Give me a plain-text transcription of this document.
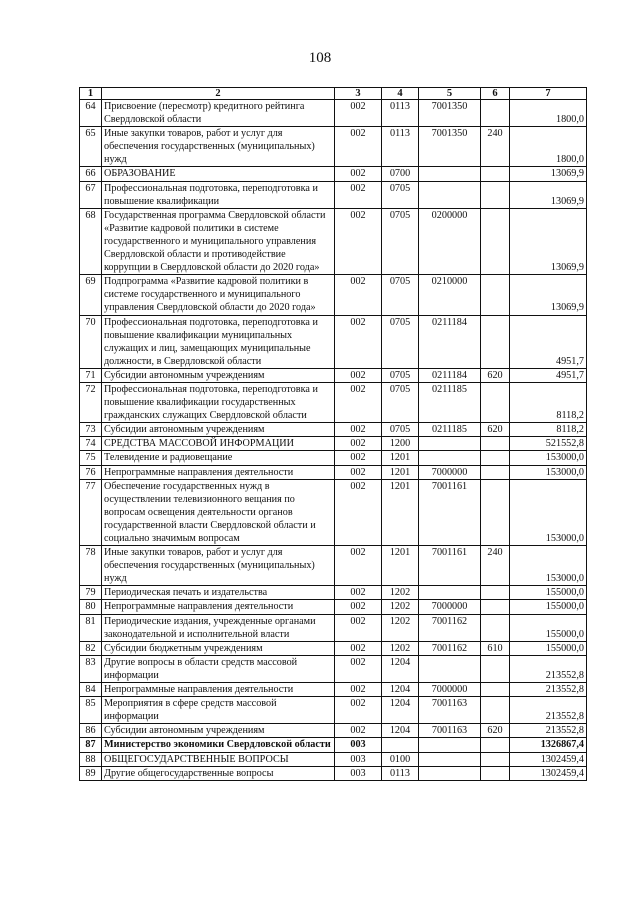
108
1	2	3	4	5	6	7
64	Присвоение (пересмотр) кредитного рейтинга Свердловской области	002	0113	7001350		1800,0
65	Иные закупки товаров, работ и услуг для обеспечения государственных (муниципальных) нужд	002	0113	7001350	240	1800,0
66	ОБРАЗОВАНИЕ	002	0700			13069,9
67	Профессиональная подготовка, переподготовка и повышение квалификации	002	0705			13069,9
68	Государственная программа Свердловской области «Развитие кадровой политики в системе государственного и муниципального управления Свердловской области и противодействие коррупции в Свердловской области до 2020 года»	002	0705	0200000		13069,9
69	Подпрограмма «Развитие кадровой политики в системе государственного и муниципального управления Свердловской области до 2020 года»	002	0705	0210000		13069,9
70	Профессиональная подготовка, переподготовка и повышение квалификации муниципальных служащих и лиц, замещающих муниципальные должности, в Свердловской области	002	0705	0211184		4951,7
71	Субсидии автономным учреждениям	002	0705	0211184	620	4951,7
72	Профессиональная подготовка, переподготовка и повышение квалификации государственных гражданских служащих Свердловской области	002	0705	0211185		8118,2
73	Субсидии автономным учреждениям	002	0705	0211185	620	8118,2
74	СРЕДСТВА МАССОВОЙ ИНФОРМАЦИИ	002	1200			521552,8
75	Телевидение и радиовещание	002	1201			153000,0
76	Непрограммные направления деятельности	002	1201	7000000		153000,0
77	Обеспечение государственных нужд в осуществлении телевизионного вещания по вопросам освещения деятельности органов государственной власти Свердловской области и социально значимым вопросам	002	1201	7001161		153000,0
78	Иные закупки товаров, работ и услуг для обеспечения государственных (муниципальных) нужд	002	1201	7001161	240	153000,0
79	Периодическая печать и издательства	002	1202			155000,0
80	Непрограммные направления деятельности	002	1202	7000000		155000,0
81	Периодические издания, учрежденные органами законодательной и исполнительной власти	002	1202	7001162		155000,0
82	Субсидии бюджетным учреждениям	002	1202	7001162	610	155000,0
83	Другие вопросы в области средств массовой информации	002	1204			213552,8
84	Непрограммные направления деятельности	002	1204	7000000		213552,8
85	Мероприятия в сфере средств массовой информации	002	1204	7001163		213552,8
86	Субсидии автономным учреждениям	002	1204	7001163	620	213552,8
87	Министерство экономики Свердловской области	003				1326867,4
88	ОБЩЕГОСУДАРСТВЕННЫЕ ВОПРОСЫ	003	0100			1302459,4
89	Другие общегосударственные вопросы	003	0113			1302459,4
